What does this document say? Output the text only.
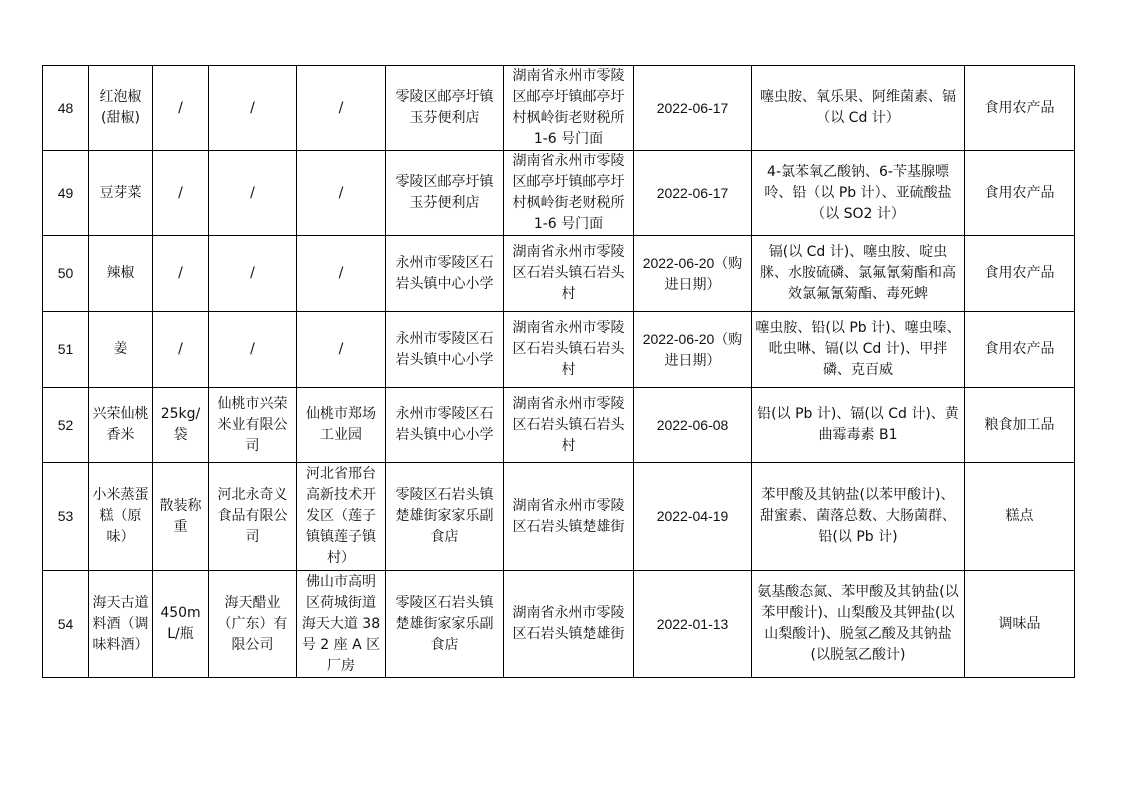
48	红泡椒(甜椒)	/	/	/	零陵区邮亭圩镇玉芬便利店	湖南省永州市零陵区邮亭圩镇邮亭圩村枫岭街老财税所 1-6 号门面	2022-06-17	噻虫胺、氧乐果、阿维菌素、镉（以 Cd 计）	食用农产品
49	豆芽菜	/	/	/	零陵区邮亭圩镇玉芬便利店	湖南省永州市零陵区邮亭圩镇邮亭圩村枫岭街老财税所 1-6 号门面	2022-06-17	4-氯苯氧乙酸钠、6-苄基腺嘌呤、铅（以 Pb 计）、亚硫酸盐（以 SO2 计）	食用农产品
50	辣椒	/	/	/	永州市零陵区石岩头镇中心小学	湖南省永州市零陵区石岩头镇石岩头村	2022-06-20（购进日期）	镉(以 Cd 计)、噻虫胺、啶虫脒、水胺硫磷、氯氟氰菊酯和高效氯氟氰菊酯、毒死蜱	食用农产品
51	姜	/	/	/	永州市零陵区石岩头镇中心小学	湖南省永州市零陵区石岩头镇石岩头村	2022-06-20（购进日期）	噻虫胺、铅(以 Pb 计)、噻虫嗪、吡虫啉、镉(以 Cd 计)、甲拌磷、克百威	食用农产品
52	兴荣仙桃香米	25kg/袋	仙桃市兴荣米业有限公司	仙桃市郑场工业园	永州市零陵区石岩头镇中心小学	湖南省永州市零陵区石岩头镇石岩头村	2022-06-08	铅(以 Pb 计)、镉(以 Cd 计)、黄曲霉毒素 B1	粮食加工品
53	小米蒸蛋糕（原味）	散装称重	河北永奇义食品有限公司	河北省邢台高新技术开发区（莲子镇镇莲子镇村）	零陵区石岩头镇楚雄街家家乐副食店	湖南省永州市零陵区石岩头镇楚雄街	2022-04-19	苯甲酸及其钠盐(以苯甲酸计)、甜蜜素、菌落总数、大肠菌群、铅(以 Pb 计)	糕点
54	海天古道料酒（调味料酒）	450mL/瓶	海天醋业（广东）有限公司	佛山市高明区荷城街道海天大道 38 号 2 座 A 区厂房	零陵区石岩头镇楚雄街家家乐副食店	湖南省永州市零陵区石岩头镇楚雄街	2022-01-13	氨基酸态氮、苯甲酸及其钠盐(以苯甲酸计)、山梨酸及其钾盐(以山梨酸计)、脱氢乙酸及其钠盐(以脱氢乙酸计)	调味品
